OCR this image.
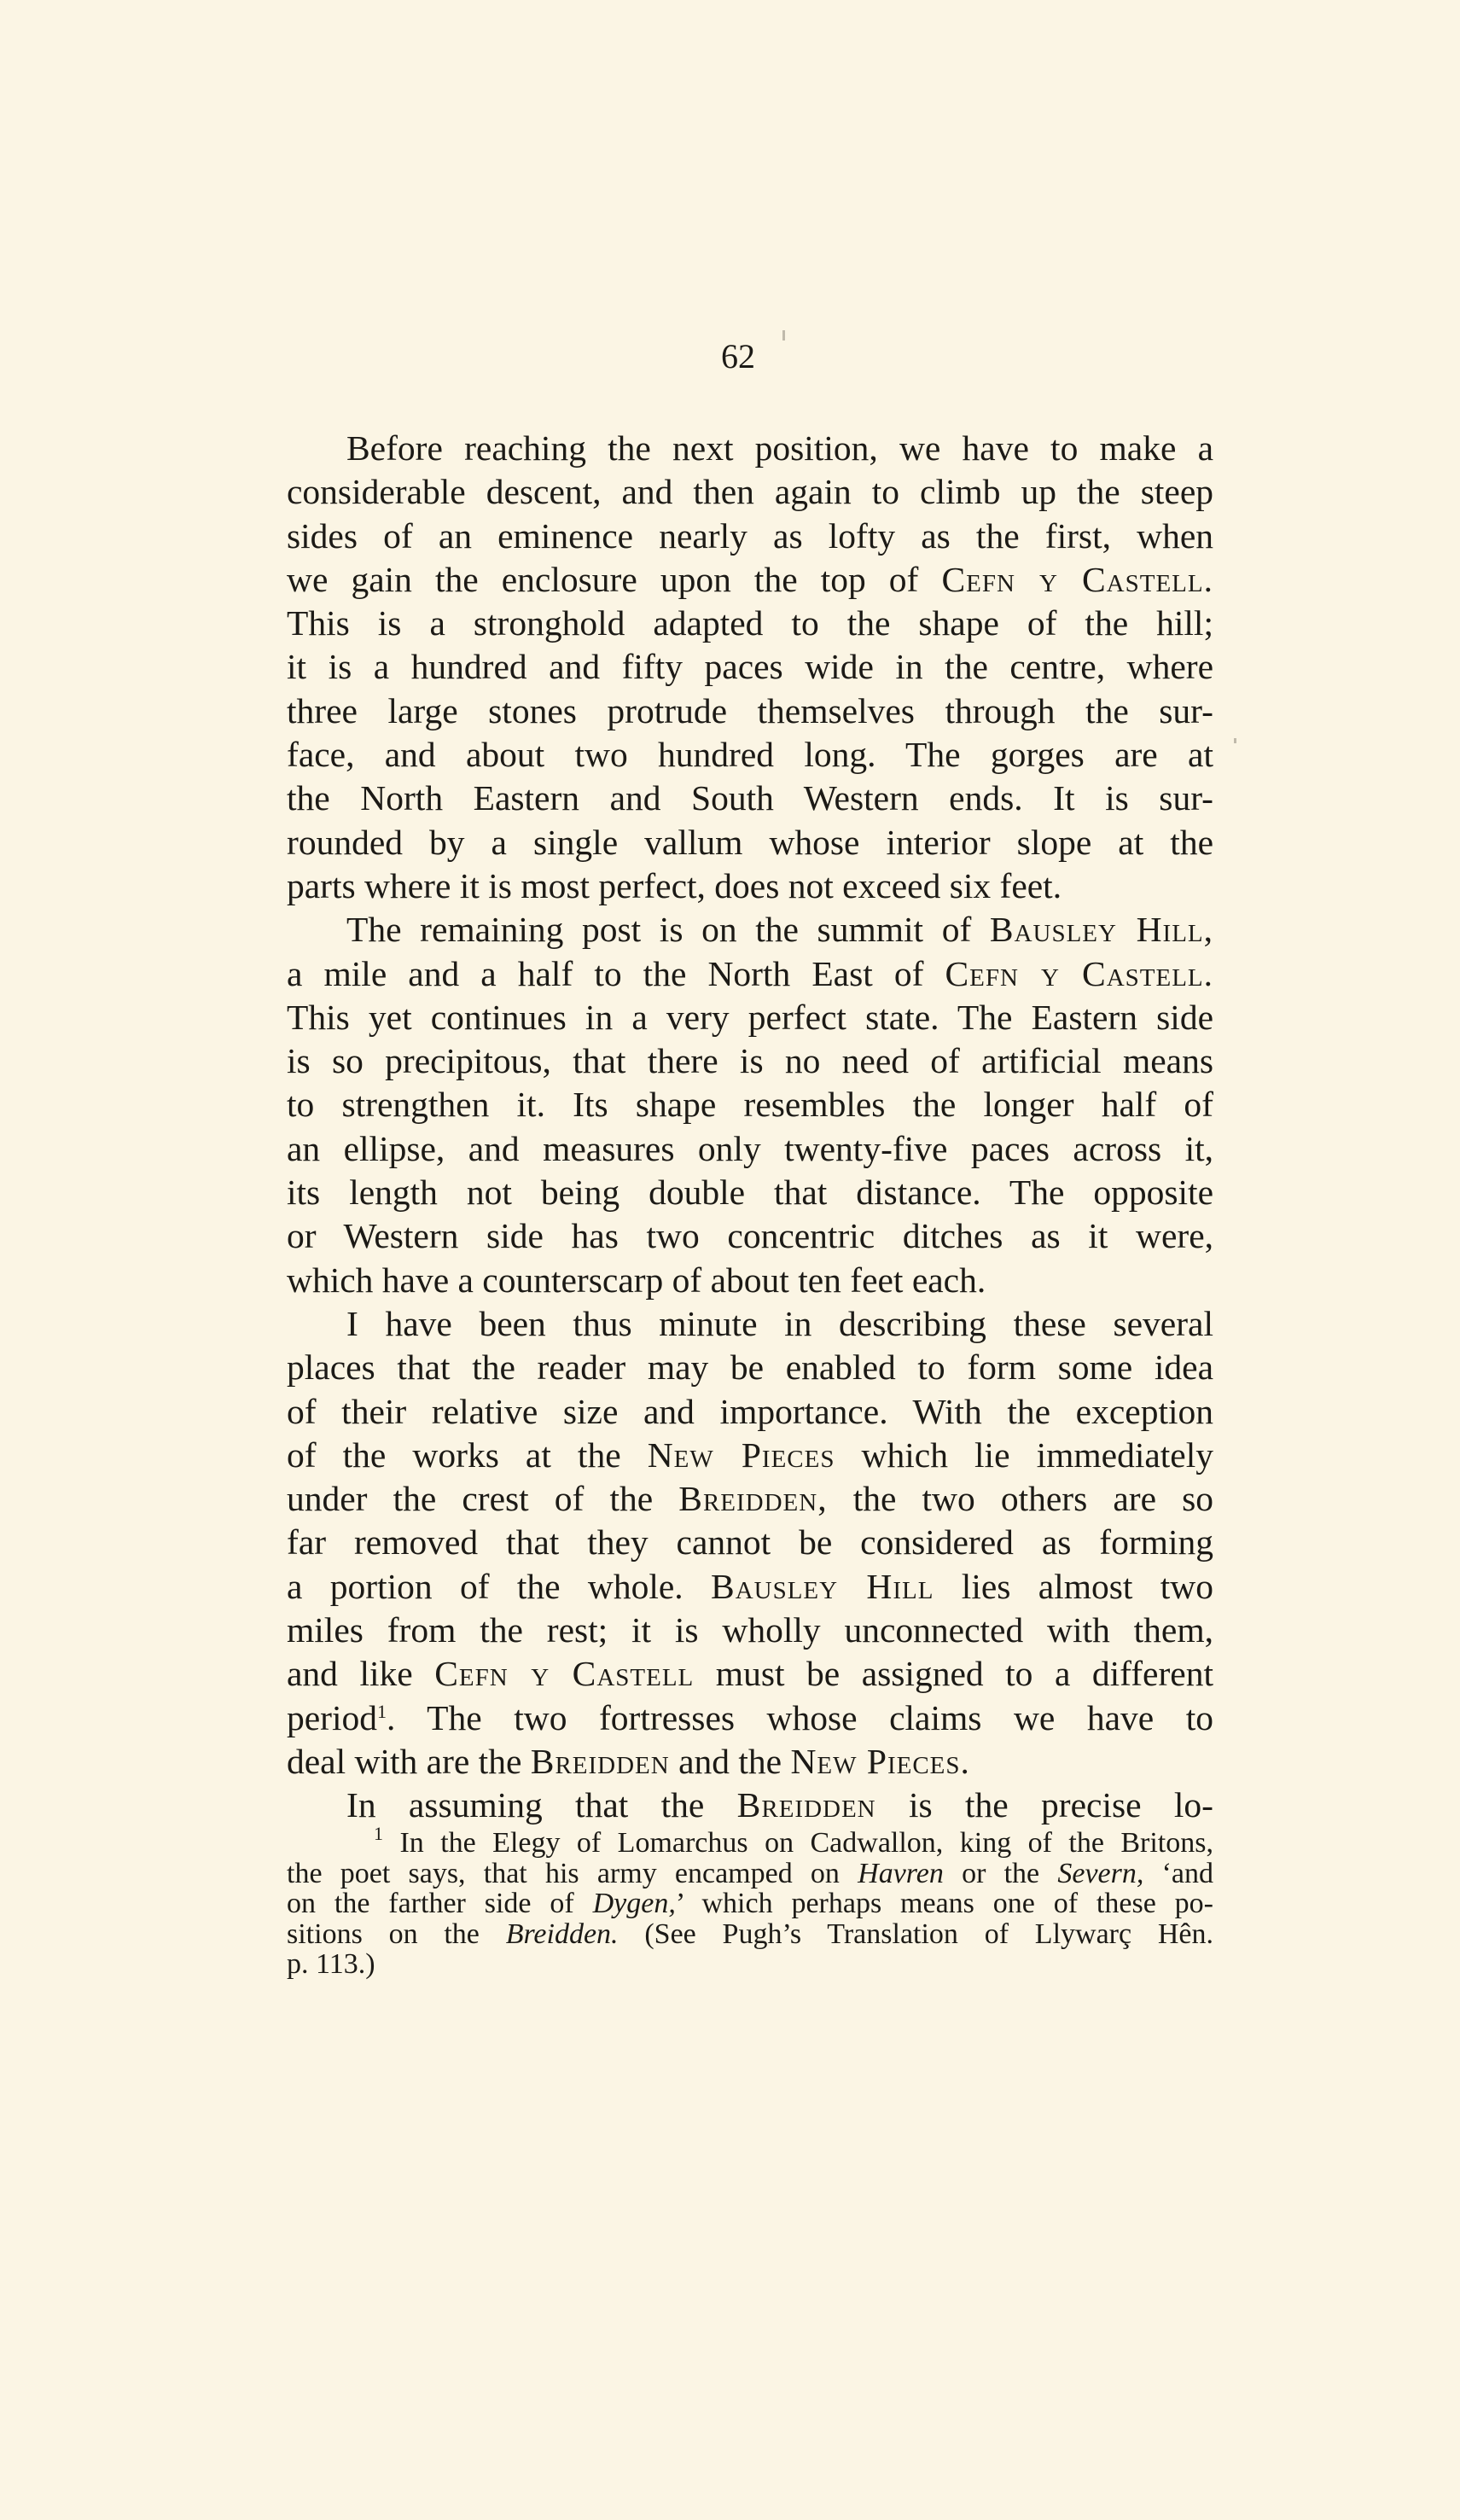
62
Before reaching the next position, we have to make a
considerable descent, and then again to climb up the steep
sides of an eminence nearly as lofty as the first, when
we gain the enclosure upon the top of Cefn y Castell.
This is a stronghold adapted to the shape of the hill;
it is a hundred and fifty paces wide in the centre, where
three large stones protrude themselves through the sur-
face, and about two hundred long. The gorges are at
the North Eastern and South Western ends. It is sur-
rounded by a single vallum whose interior slope at the
parts where it is most perfect, does not exceed six feet.
The remaining post is on the summit of Bausley Hill,
a mile and a half to the North East of Cefn y Castell.
This yet continues in a very perfect state. The Eastern side
is so precipitous, that there is no need of artificial means
to strengthen it. Its shape resembles the longer half of
an ellipse, and measures only twenty-five paces across it,
its length not being double that distance. The opposite
or Western side has two concentric ditches as it were,
which have a counterscarp of about ten feet each.
I have been thus minute in describing these several
places that the reader may be enabled to form some idea
of their relative size and importance. With the exception
of the works at the New Pieces which lie immediately
under the crest of the Breidden, the two others are so
far removed that they cannot be considered as forming
a portion of the whole. Bausley Hill lies almost two
miles from the rest; it is wholly unconnected with them,
and like Cefn y Castell must be assigned to a different
period$^1$. The two fortresses whose claims we have to
deal with are the Breidden and the New Pieces.
In assuming that the Breidden is the precise lo-
$^1$ In the Elegy of Lomarchus on Cadwallon, king of the Britons,
the poet says, that his army encamped on Havren or the Severn, ‘and
on the farther side of Dygen,’ which perhaps means one of these po-
sitions on the Breidden. (See Pugh’s Translation of Llywarç Hên.
p. 113.)
